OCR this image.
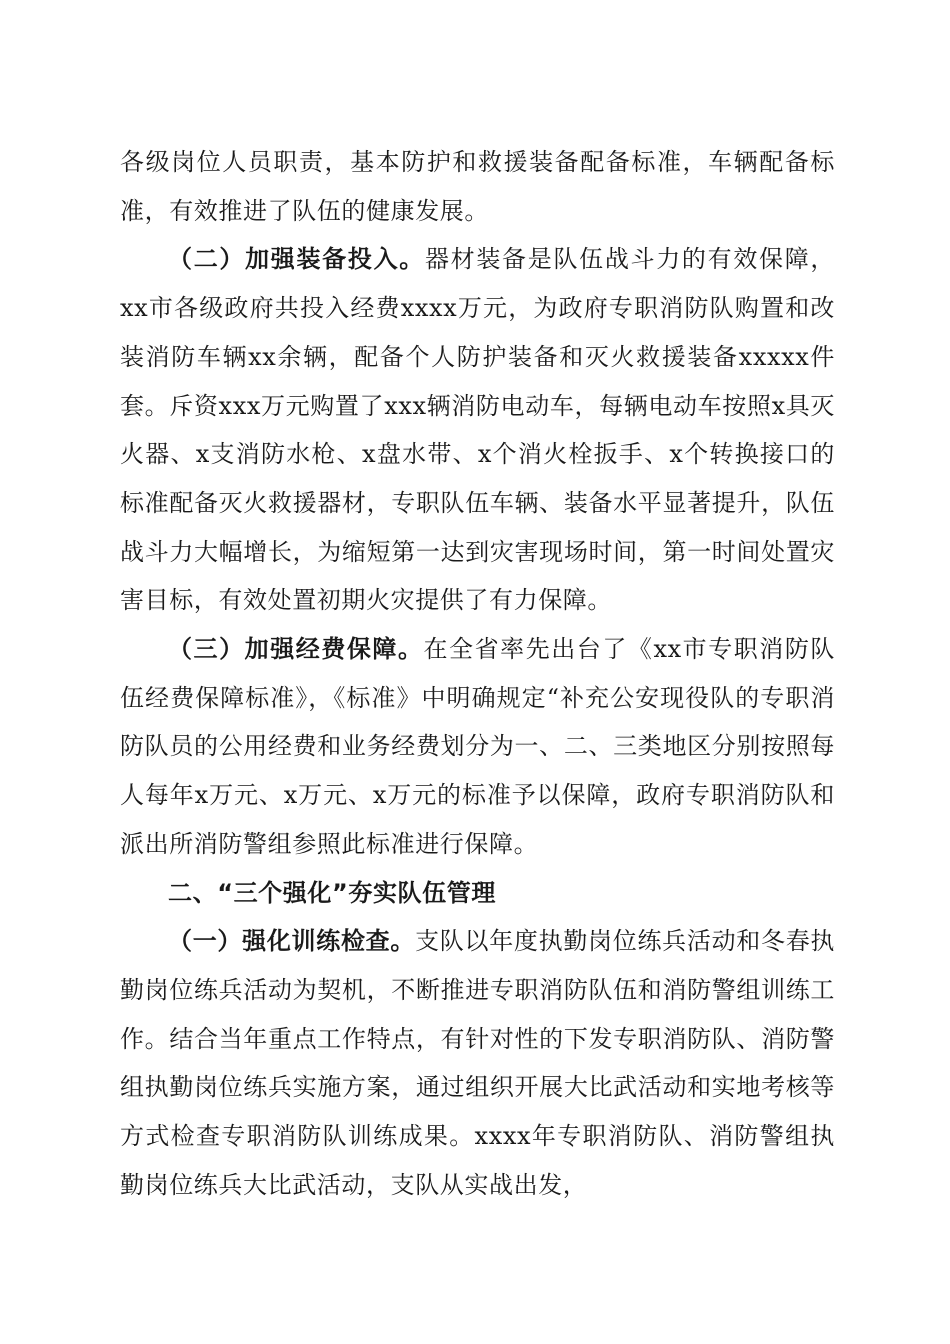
各级岗位人员职责，基本防护和救援装备配备标准，车辆配备标准，有效推进了队伍的健康发展。

（二）加强装备投入。器材装备是队伍战斗力的有效保障，xx市各级政府共投入经费xxxx万元，为政府专职消防队购置和改装消防车辆xx余辆，配备个人防护装备和灭火救援装备xxxxx件套。斥资xxx万元购置了xxx辆消防电动车，每辆电动车按照x具灭火器、x支消防水枪、x盘水带、x个消火栓扳手、x个转换接口的标准配备灭火救援器材，专职队伍车辆、装备水平显著提升，队伍战斗力大幅增长，为缩短第一达到灾害现场时间，第一时间处置灾害目标，有效处置初期火灾提供了有力保障。

（三）加强经费保障。在全省率先出台了《xx市专职消防队伍经费保障标准》，《标准》中明确规定“补充公安现役队的专职消防队员的公用经费和业务经费划分为一、二、三类地区分别按照每人每年x万元、x万元、x万元的标准予以保障，政府专职消防队和派出所消防警组参照此标准进行保障。

二、“三个强化”夯实队伍管理

（一）强化训练检查。支队以年度执勤岗位练兵活动和冬春执勤岗位练兵活动为契机，不断推进专职消防队伍和消防警组训练工作。结合当年重点工作特点，有针对性的下发专职消防队、消防警组执勤岗位练兵实施方案，通过组织开展大比武活动和实地考核等方式检查专职消防队训练成果。xxxx年专职消防队、消防警组执勤岗位练兵大比武活动，支队从实战出发，
